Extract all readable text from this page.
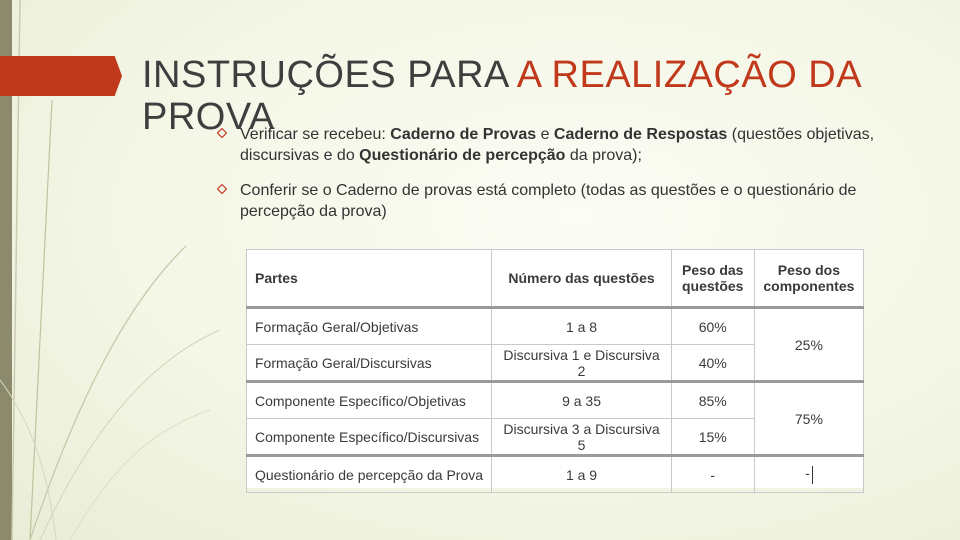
INSTRUÇÕES PARA A REALIZAÇÃO DA
PROVA
Verificar se recebeu: Caderno de Provas e Caderno de Respostas (questões objetivas, discursivas e do Questionário de percepção da prova);
Conferir se o Caderno de provas está completo (todas as questões e o questionário de percepção da prova)
Partes	Número das questões	Peso das questões	Peso dos componentes
Formação Geral/Objetivas	1 a 8	60%	25%
Formação Geral/Discursivas	Discursiva 1 e Discursiva 2	40%	
Componente Específico/Objetivas	9 a 35	85%	75%
Componente Específico/Discursivas	Discursiva 3 a Discursiva 5	15%	
Questionário de percepção da Prova	1 a 9	-	-
